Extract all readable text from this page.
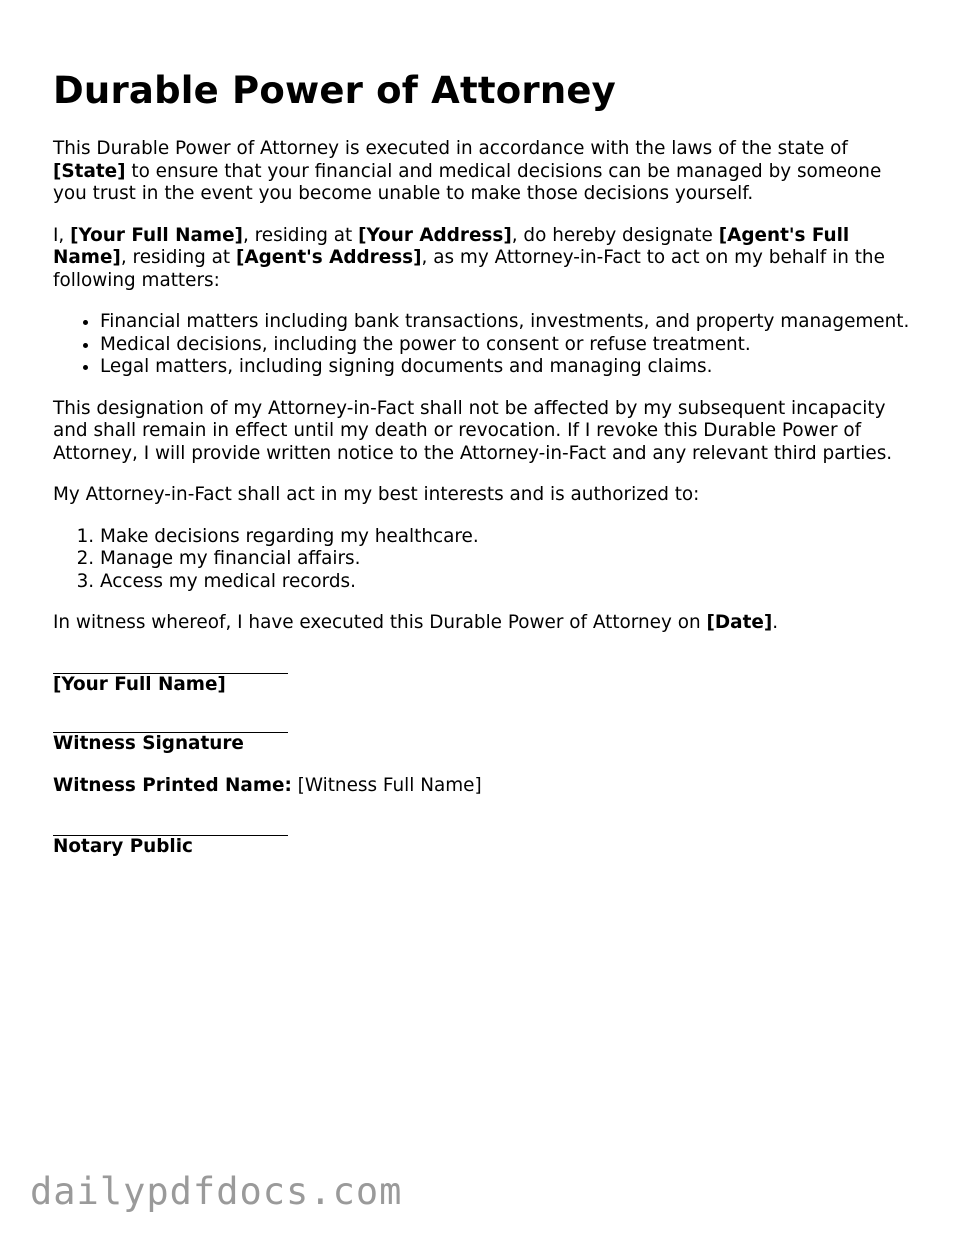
Durable Power of Attorney

This Durable Power of Attorney is executed in accordance with the laws of the state of [State] to ensure that your financial and medical decisions can be managed by someone you trust in the event you become unable to make those decisions yourself.

I, [Your Full Name], residing at [Your Address], do hereby designate [Agent's Full Name], residing at [Agent's Address], as my Attorney-in-Fact to act on my behalf in the following matters:

• Financial matters including bank transactions, investments, and property management.
• Medical decisions, including the power to consent or refuse treatment.
• Legal matters, including signing documents and managing claims.

This designation of my Attorney-in-Fact shall not be affected by my subsequent incapacity and shall remain in effect until my death or revocation. If I revoke this Durable Power of Attorney, I will provide written notice to the Attorney-in-Fact and any relevant third parties.

My Attorney-in-Fact shall act in my best interests and is authorized to:

1. Make decisions regarding my healthcare.
2. Manage my financial affairs.
3. Access my medical records.

In witness whereof, I have executed this Durable Power of Attorney on [Date].

[Your Full Name]
Witness Signature
Witness Printed Name: [Witness Full Name]
Notary Public
dailypdfdocs.com
